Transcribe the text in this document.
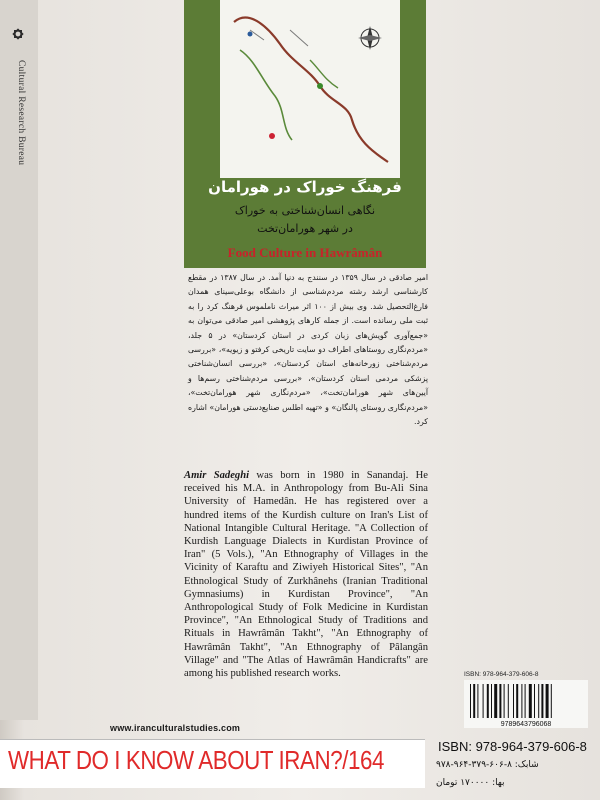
Cultural Research Bureau
فرهنگ خوراک در هورامان
نگاهی انسان‌شناختی به خوراک
در شهر هورامان‌تخت
Food Culture in Hawrâmân
امیر صادقی در سال ۱۳۵۹ در سنندج به دنیا آمد. در سال ۱۳۸۷ در مقطع کارشناسی ارشد رشته مردم‌شناسی از دانشگاه بوعلی‌سینای همدان فارغ‌التحصیل شد. وی بیش از ۱۰۰ اثر میراث ناملموس فرهنگ کرد را به ثبت ملی رسانده است. از جمله کارهای پژوهشی امیر صادقی می‌توان به «جمع‌آوری گویش‌های زبان کردی در استان کردستان» در ۵ جلد، «مردم‌نگاری روستاهای اطراف دو سایت تاریخی کرفتو و زیویه»، «بررسی مردم‌شناختی زورخانه‌های استان کردستان»، «بررسی انسان‌شناختی پزشکی مردمی استان کردستان»، «بررسی مردم‌شناختی رسم‌ها و آیین‌های شهر هورامان‌تخت»، «مردم‌نگاری شهر هورامان‌تخت»، «مردم‌نگاری روستای پالنگان» و «تهیه اطلس صنایع‌دستی هورامان» اشاره کرد.
Amir Sadeghi was born in 1980 in Sanandaj. He received his M.A. in Anthropology from Bu-Ali Sina University of Hamedân. He has registered over a hundred items of the Kurdish culture on Iran's List of National Intangible Cultural Heritage. "A Collection of Kurdish Language Dialects in Kurdistan Province of Iran" (5 Vols.), "An Ethnography of Villages in the Vicinity of Karaftu and Ziwiyeh Historical Sites", "An Ethnological Study of Zurkhânehs (Iranian Traditional Gymnasiums) in Kurdistan Province", "An Anthropological Study of Folk Medicine in Kurdistan Province", "An Ethnological Study of Traditions and Rituals in Hawrâmân Takht", "An Ethnography of Hawrâmân Takht", "An Ethnography of Pâlangân Village" and "The Atlas of Hawrâmân Handicrafts" are among his published research works.	ISBN: 978-964-379-606-8
9789643796068
www.iranculturalstudies.com
ISBN: 978-964-379-606-8
شابک: ۸-۶۰۶-۳۷۹-۹۶۴-۹۷۸
بها: ۱۷۰۰۰۰ تومان
WHAT DO I KNOW ABOUT IRAN?/164
